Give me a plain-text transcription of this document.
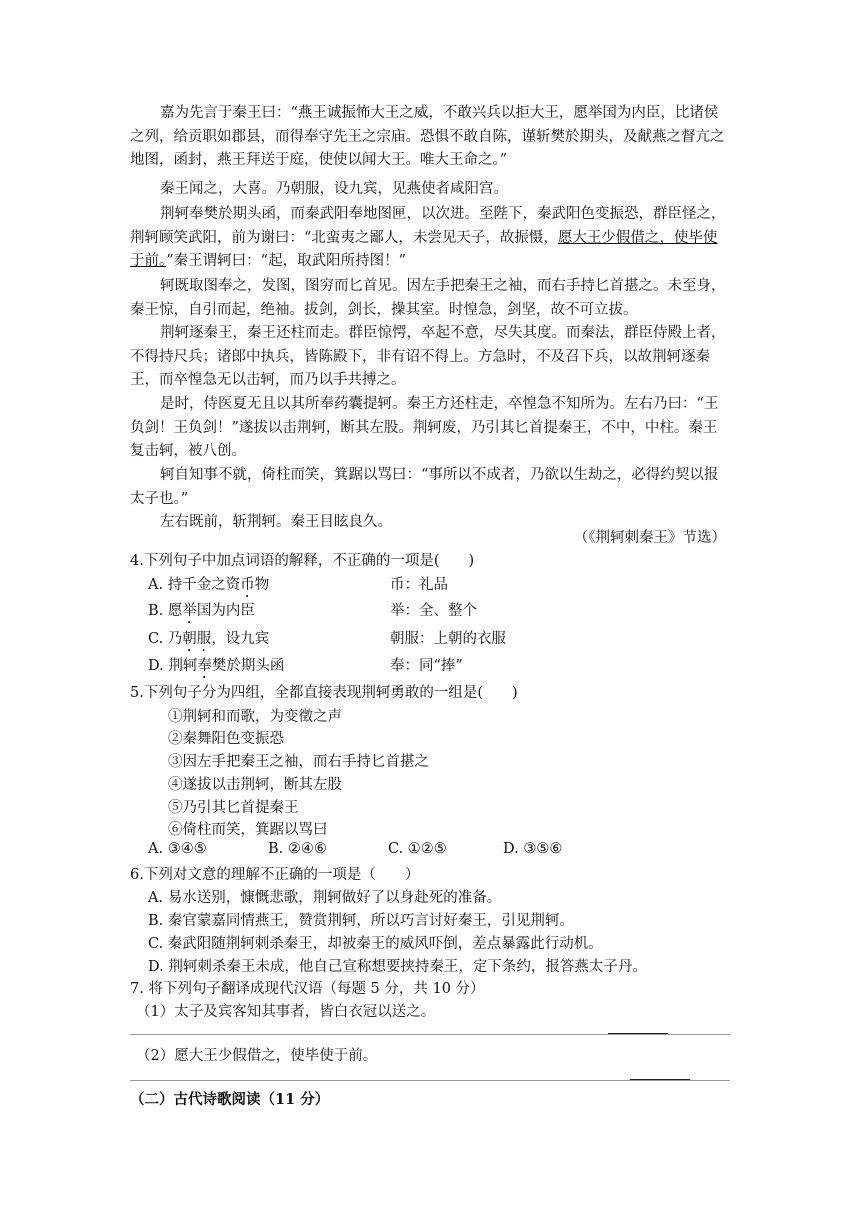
嘉为先言于秦王曰：“燕王诚振怖大王之威，不敢兴兵以拒大王，愿举国为内臣，比诸侯之列，给贡职如郡县，而得奉守先王之宗庙。恐惧不敢自陈，谨斩樊於期头，及献燕之督亢之地图，函封，燕王拜送于庭，使使以闻大王。唯大王命之。”

秦王闻之，大喜。乃朝服，设九宾，见燕使者咸阳宫。

荆轲奉樊於期头函，而秦武阳奉地图匣，以次进。至陛下，秦武阳色变振恐，群臣怪之，荆轲顾笑武阳，前为谢曰：“北蛮夷之鄙人，未尝见天子，故振慑，愿大王少假借之，使毕使于前。”秦王谓轲曰：“起，取武阳所持图！”

轲既取图奉之，发图，图穷而匕首见。因左手把秦王之袖，而右手持匕首揕之。未至身，秦王惊，自引而起，绝袖。拔剑，剑长，操其室。时惶急，剑坚，故不可立拔。

荆轲逐秦王，秦王还柱而走。群臣惊愕，卒起不意，尽失其度。而秦法，群臣侍殿上者，不得持尺兵；诸郎中执兵，皆陈殿下，非有诏不得上。方急时，不及召下兵，以故荆轲逐秦王，而卒惶急无以击轲，而乃以手共搏之。

是时，侍医夏无且以其所奉药囊提轲。秦王方还柱走，卒惶急不知所为。左右乃曰：“王负剑！王负剑！”遂拔以击荆轲，断其左股。荆轲废，乃引其匕首提秦王，不中，中柱。秦王复击轲，被八创。

轲自知事不就，倚柱而笑，箕踞以骂曰：“事所以不成者，乃欲以生劫之，必得约契以报太子也。”

左右既前，斩荆轲。秦王目眩良久。

（《荆轲刺秦王》节选）
4.下列句子中加点词语的解释，不正确的一项是(　　)
A. 持千金之资币物	币：礼品
B. 愿举国为内臣	举：全、整个
C. 乃朝服，设九宾	朝服：上朝的衣服
D. 荆轲奉樊於期头函	奉：同“捧”
5.下列句子分为四组，全都直接表现荆轲勇敢的一组是(　　)
①荆轲和而歌，为变徵之声
②秦舞阳色变振恐
③因左手把秦王之袖，而右手持匕首揕之
④遂拔以击荆轲，断其左股
⑤乃引其匕首提秦王
⑥倚柱而笑，箕踞以骂曰
A. ③④⑤	B. ②④⑥	C. ①②⑤	D. ③⑤⑥
6.下列对文意的理解不正确的一项是（　　）
A. 易水送别，慷慨悲歌，荆轲做好了以身赴死的准备。
B. 秦官蒙嘉同情燕王，赞赏荆轲，所以巧言讨好秦王，引见荆轲。
C. 秦武阳随荆轲刺杀秦王，却被秦王的威风吓倒，差点暴露此行动机。
D. 荆轲刺杀秦王未成，他自己宣称想要挟持秦王，定下条约，报答燕太子丹。
7. 将下列句子翻译成现代汉语（每题 5 分，共 10 分）
（1）太子及宾客知其事者，皆白衣冠以送之。
（2）愿大王少假借之，使毕使于前。
（二）古代诗歌阅读（11 分）
